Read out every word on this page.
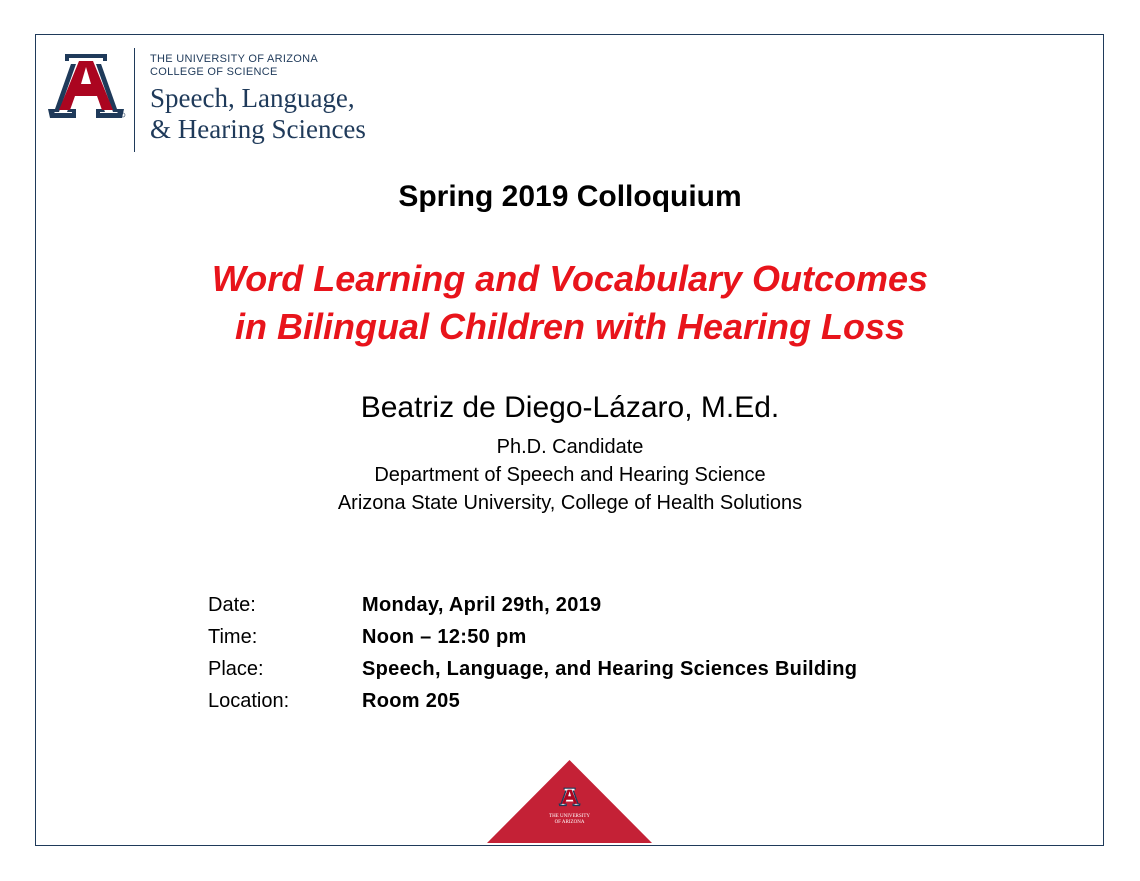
THE UNIVERSITY OF ARIZONA
COLLEGE OF SCIENCE
Speech, Language,
& Hearing Sciences
Spring 2019 Colloquium
Word Learning and Vocabulary Outcomes
in Bilingual Children with Hearing Loss
Beatriz de Diego-Lázaro, M.Ed.
Ph.D. Candidate
Department of Speech and Hearing Science
Arizona State University, College of Health Solutions
Date:	Monday, April 29th, 2019
Time:	Noon – 12:50 pm
Place:	Speech, Language, and Hearing Sciences Building
Location:	Room 205
THE UNIVERSITY
OF ARIZONA
